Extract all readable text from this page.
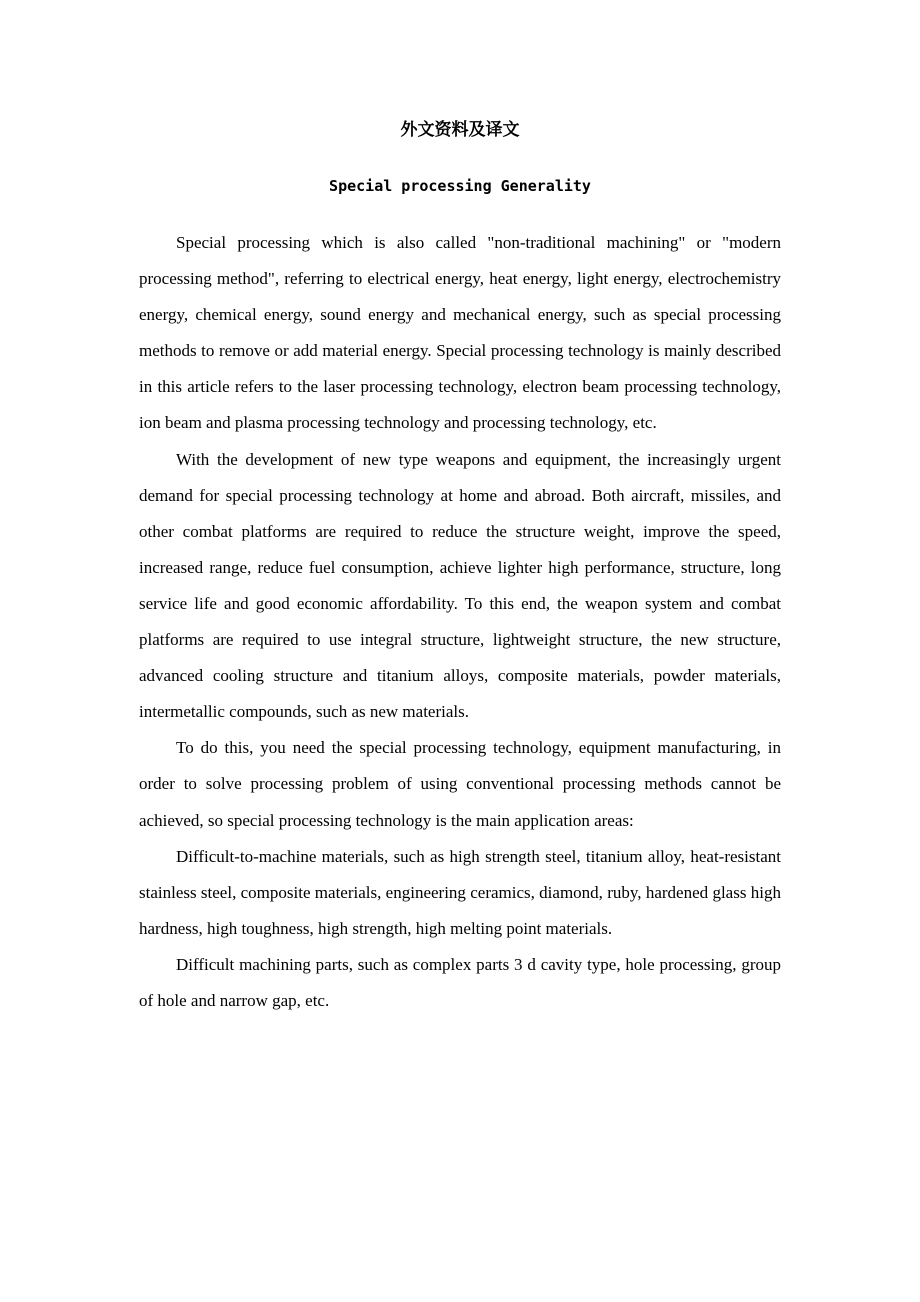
外文资料及译文
Special processing Generality

Special processing which is also called "non-traditional machining" or "modern processing method", referring to electrical energy, heat energy, light energy, electrochemistry energy, chemical energy, sound energy and mechanical energy, such as special processing methods to remove or add material energy. Special processing technology is mainly described in this article refers to the laser processing technology, electron beam processing technology, ion beam and plasma processing technology and processing technology, etc.

With the development of new type weapons and equipment, the increasingly urgent demand for special processing technology at home and abroad. Both aircraft, missiles, and other combat platforms are required to reduce the structure weight, improve the speed, increased range, reduce fuel consumption, achieve lighter high performance, structure, long service life and good economic affordability. To this end, the weapon system and combat platforms are required to use integral structure, lightweight structure, the new structure, advanced cooling structure and titanium alloys, composite materials, powder materials, intermetallic compounds, such as new materials.

To do this, you need the special processing technology, equipment manufacturing, in order to solve processing problem of using conventional processing methods cannot be achieved, so special processing technology is the main application areas:

Difficult-to-machine materials, such as high strength steel, titanium alloy, heat-resistant stainless steel, composite materials, engineering ceramics, diamond, ruby, hardened glass high hardness, high toughness, high strength, high melting point materials.

Difficult machining parts, such as complex parts 3 d cavity type, hole processing, group of hole and narrow gap, etc.
